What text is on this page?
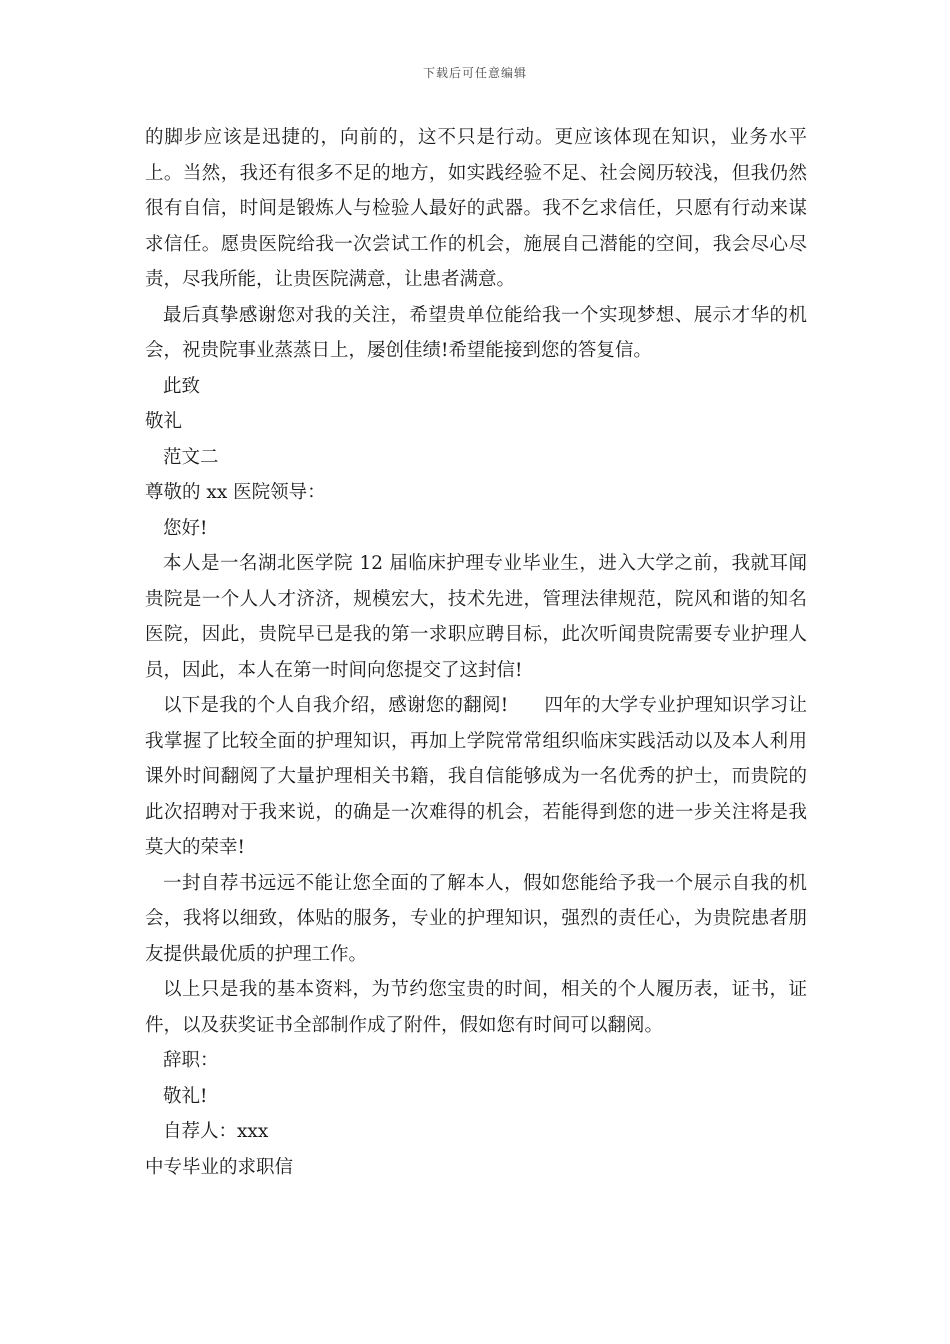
下载后可任意编辑

的脚步应该是迅捷的，向前的，这不只是行动。更应该体现在知识，业务水平上。当然，我还有很多不足的地方，如实践经验不足、社会阅历较浅，但我仍然很有自信，时间是锻炼人与检验人最好的武器。我不乞求信任，只愿有行动来谋求信任。愿贵医院给我一次尝试工作的机会，施展自己潜能的空间，我会尽心尽责，尽我所能，让贵医院满意，让患者满意。

最后真挚感谢您对我的关注，希望贵单位能给我一个实现梦想、展示才华的机会，祝贵院事业蒸蒸日上，屡创佳绩!希望能接到您的答复信。

此致

敬礼

范文二

尊敬的 xx 医院领导：

您好!

本人是一名湖北医学院 12 届临床护理专业毕业生，进入大学之前，我就耳闻贵院是一个人人才济济，规模宏大，技术先进，管理法律规范，院风和谐的知名医院，因此，贵院早已是我的第一求职应聘目标，此次听闻贵院需要专业护理人员，因此，本人在第一时间向您提交了这封信!

以下是我的个人自我介绍，感谢您的翻阅! 四年的大学专业护理知识学习让我掌握了比较全面的护理知识，再加上学院常常组织临床实践活动以及本人利用课外时间翻阅了大量护理相关书籍，我自信能够成为一名优秀的护士，而贵院的此次招聘对于我来说，的确是一次难得的机会，若能得到您的进一步关注将是我莫大的荣幸!

一封自荐书远远不能让您全面的了解本人，假如您能给予我一个展示自我的机会，我将以细致，体贴的服务，专业的护理知识，强烈的责任心，为贵院患者朋友提供最优质的护理工作。

以上只是我的基本资料，为节约您宝贵的时间，相关的个人履历表，证书，证件，以及获奖证书全部制作成了附件，假如您有时间可以翻阅。

辞职：

敬礼!

自荐人：xxx

中专毕业的求职信
